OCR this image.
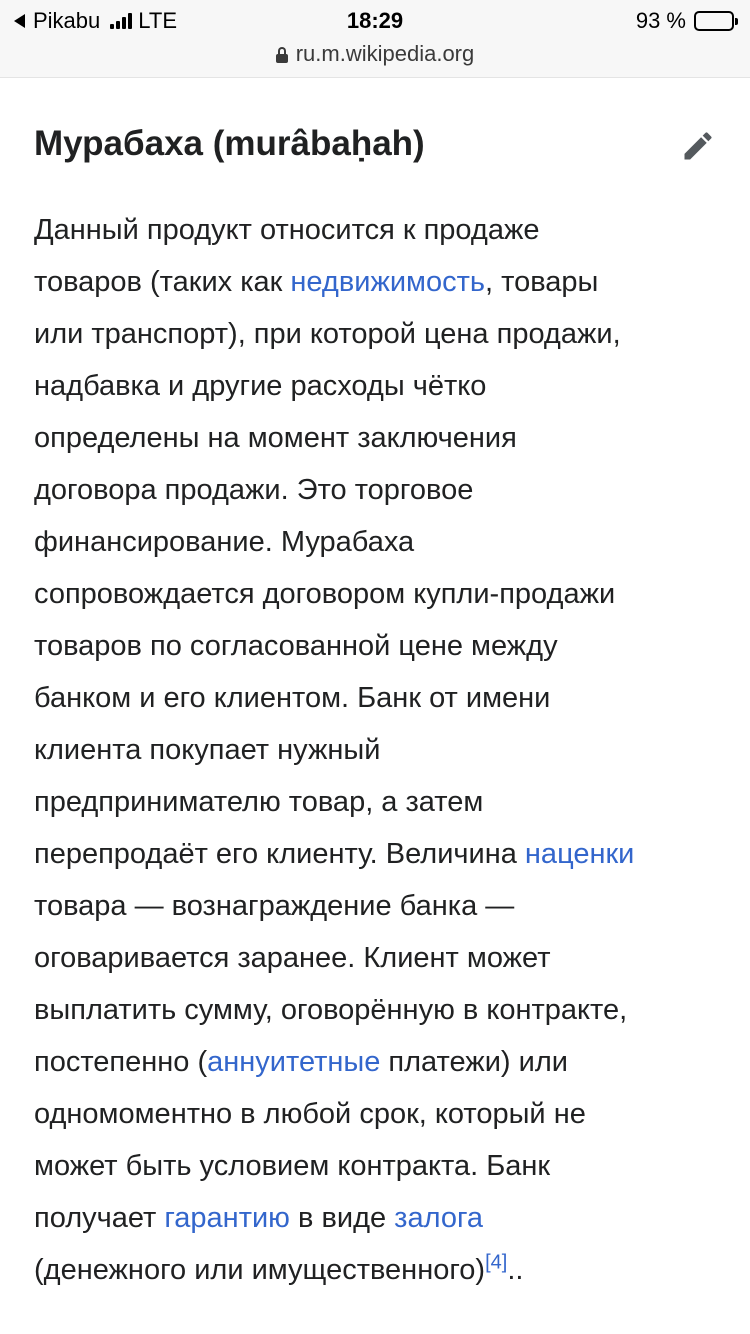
Pikabu LTE	18:29	93 %
ru.m.wikipedia.org
Мурабаха (murâbaḥah)
Данный продукт относится к продаже
товаров (таких как недвижимость, товары
или транспорт), при которой цена продажи,
надбавка и другие расходы чётко
определены на момент заключения
договора продажи. Это торговое
финансирование. Мурабаха
сопровождается договором купли-продажи
товаров по согласованной цене между
банком и его клиентом. Банк от имени
клиента покупает нужный
предпринимателю товар, а затем
перепродаёт его клиенту. Величина наценки
товара — вознаграждение банка —
оговаривается заранее. Клиент может
выплатить сумму, оговорённую в контракте,
постепенно (аннуитетные платежи) или
одномоментно в любой срок, который не
может быть условием контракта. Банк
получает гарантию в виде залога
(денежного или имущественного)[4]..
